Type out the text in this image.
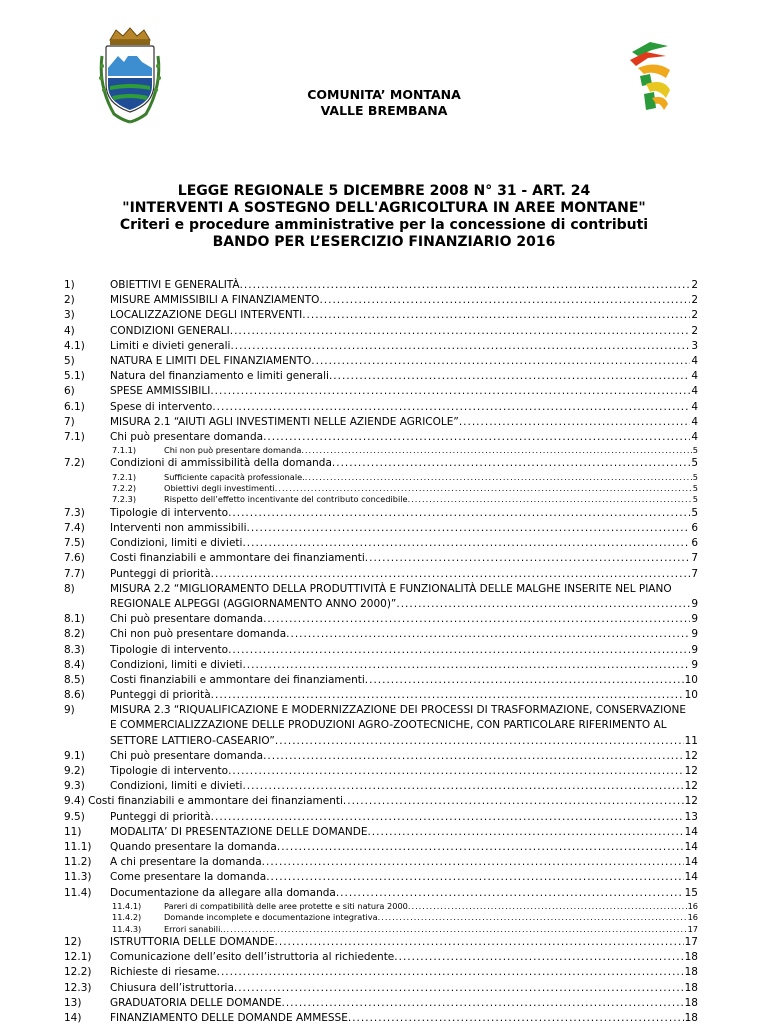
COMUNITA’ MONTANA
VALLE BREMBANA
LEGGE REGIONALE 5 DICEMBRE 2008 N° 31 - ART. 24
"INTERVENTI A SOSTEGNO DELL'AGRICOLTURA IN AREE MONTANE"
Criteri e procedure amministrative per la concessione di contributi
BANDO PER L’ESERCIZIO FINANZIARIO 2016
1)	OBIETTIVI E GENERALITÀ .....	2
2)	MISURE AMMISSIBILI A FINANZIAMENTO .....	2
3)	LOCALIZZAZIONE DEGLI INTERVENTI .....	2
4)	CONDIZIONI GENERALI .....	2
4.1) Limiti e divieti generali .....	3
5)	NATURA E LIMITI DEL FINANZIAMENTO .....	4
5.1) Natura del finanziamento e limiti generali .....	4
6)	SPESE AMMISSIBILI .....	4
6.1) Spese di intervento .....	4
7)	MISURA 2.1 “AIUTI AGLI INVESTIMENTI NELLE AZIENDE AGRICOLE” .....	4
7.1) Chi può presentare domanda .....	4
7.1.1)	Chi non può presentare domanda .....	5
7.2) Condizioni di ammissibilità della domanda .....	5
7.2.1)	Sufficiente capacità professionale. .....	5
7.2.2)	Obiettivi degli investimenti .....	5
7.2.3)	Rispetto dell’effetto incentivante del contributo concedibile .....	5
7.3) Tipologie di intervento .....	5
7.4) Interventi non ammissibili .....	6
7.5) Condizioni, limiti e divieti .....	6
7.6) Costi finanziabili e ammontare dei finanziamenti .....	7
7.7) Punteggi di priorità .....	7
8)	MISURA 2.2 “MIGLIORAMENTO DELLA PRODUTTIVITÀ E FUNZIONALITÀ DELLE MALGHE INSERITE NEL PIANO
REGIONALE ALPEGGI (AGGIORNAMENTO ANNO 2000)” .....	9
8.1) Chi può presentare domanda .....	9
8.2) Chi non può presentare domanda .....	9
8.3) Tipologie di intervento .....	9
8.4) Condizioni, limiti e divieti .....	9
8.5) Costi finanziabili e ammontare dei finanziamenti .....	10
8.6) Punteggi di priorità .....	10
9)	MISURA 2.3 “RIQUALIFICAZIONE E MODERNIZZAZIONE DEI PROCESSI DI TRASFORMAZIONE, CONSERVAZIONE
E COMMERCIALIZZAZIONE DELLE PRODUZIONI AGRO-ZOOTECNICHE, CON PARTICOLARE RIFERIMENTO AL
SETTORE LATTIERO-CASEARIO” .....	11
9.1) Chi può presentare domanda .....	12
9.2) Tipologie di intervento .....	12
9.3) Condizioni, limiti e divieti .....	12
9.4) Costi finanziabili e ammontare dei finanziamenti .....	12
9.5) Punteggi di priorità .....	13
11)	MODALITA’ DI PRESENTAZIONE DELLE DOMANDE .....	14
11.1) Quando presentare la domanda .....	14
11.2) A chi presentare la domanda .....	14
11.3) Come presentare la domanda .....	14
11.4) Documentazione da allegare alla domanda .....	15
11.4.1)	Pareri di compatibilità delle aree protette e siti natura 2000 .....	16
11.4.2)	Domande incomplete e documentazione integrativa .....	16
11.4.3)	Errori sanabili. .....	17
12)	ISTRUTTORIA DELLE DOMANDE .....	17
12.1) Comunicazione dell’esito dell’istruttoria al richiedente .....	18
12.2) Richieste di riesame .....	18
12.3) Chiusura dell’istruttoria .....	18
13)	GRADUATORIA DELLE DOMANDE .....	18
14)	FINANZIAMENTO DELLE DOMANDE AMMESSE .....	18
